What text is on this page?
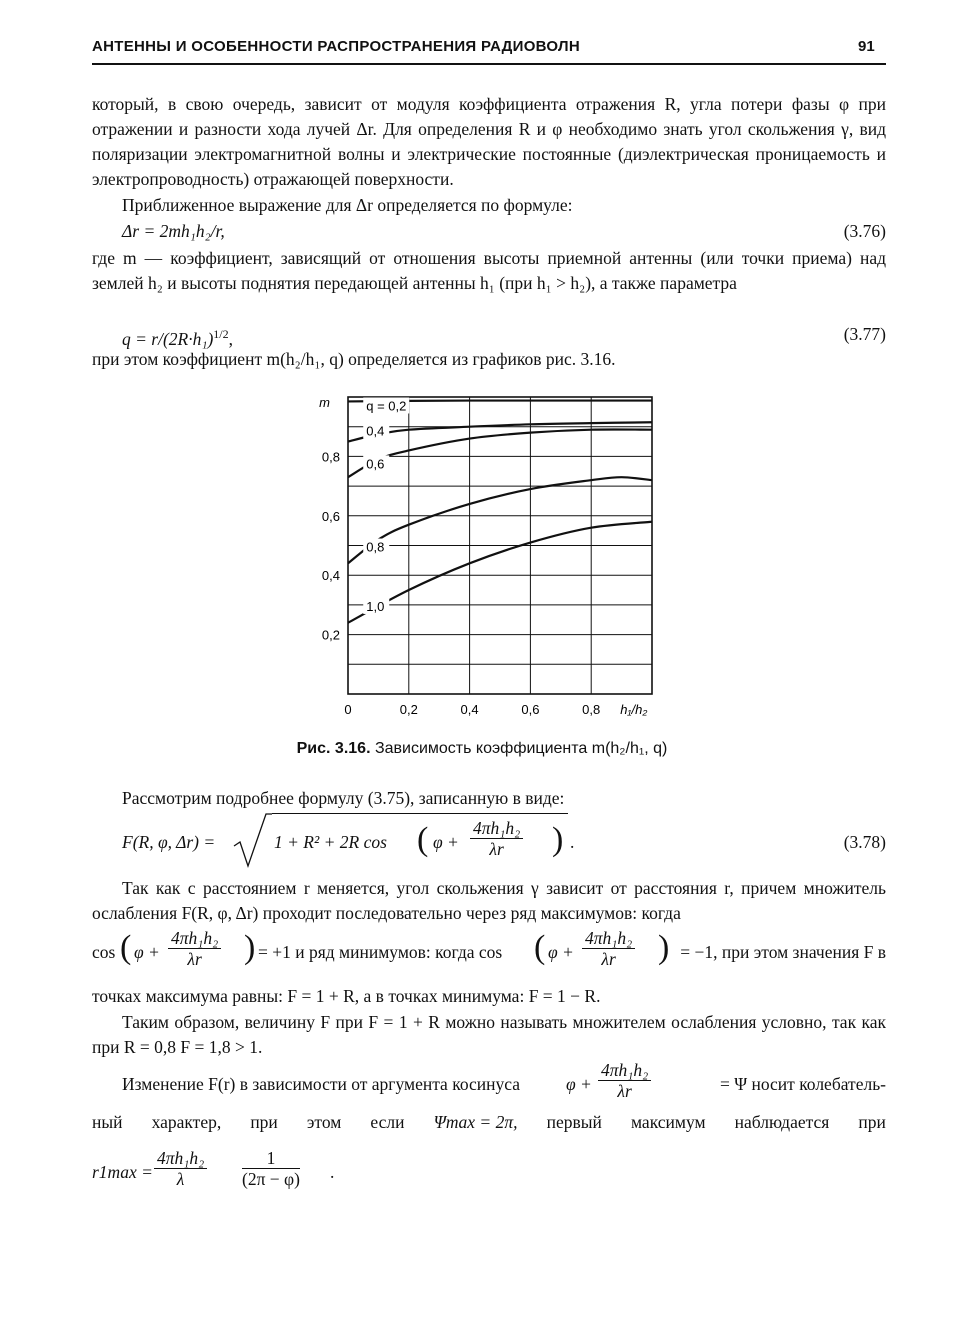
АНТЕННЫ И ОСОБЕННОСТИ РАСПРОСТРАНЕНИЯ РАДИОВОЛН	91
который, в свою очередь, зависит от модуля коэффициента отражения R, угла потери фазы φ при отражении и разности хода лучей Δr. Для определения R и φ необходимо знать угол скольжения γ, вид поляризации электромагнитной волны и электрические постоянные (диэлектрическая проницаемость и электропроводность) отражающей поверхности.
Приближенное выражение для Δr определяется по формуле:
Δr = 2mh₁h₂/r,	(3.76)
где m — коэффициент, зависящий от отношения высоты приемной антенны (или точки приема) над землей h₂ и высоты поднятия передающей антенны h₁ (при h₁ > h₂), а также параметра
$q = r/(2R\cdot h_1)^{1/2}$,	(3.77)
при этом коэффициент m(h₂/h₁, q) определяется из графиков рис. 3.16.
0	0,2	0,4	0,6	0,8 h₁/h₂
0,2
0,4
0,6
0,8
m	q = 0,2
0,4
0,6
0,8
1,0
Рис. 3.16. Зависимость коэффициента m(h₂/h₁, q)
Рассмотрим подробнее формулу (3.75), записанную в виде:
F(R, φ, Δr) =	1 + R² + 2R cos ( $\varphi + \frac{\text{4πh₁h₂}}{\lambda r}$ ) .	(3.78)
Так как с расстоянием r меняется, угол скольжения γ зависит от расстояния r, причем множитель ослабления F(R, φ, Δr) проходит последовательно через ряд максимумов: когда
cos ( $\varphi + \frac{\text{4πh₁h₂}}{\lambda r}$ ) = +1 и ряд минимумов: когда cos ( $\varphi + \frac{\text{4πh₁h₂}}{\lambda r}$ ) = −1, при этом значения F в
точках максимума равны: F = 1 + R, а в точках минимума: F = 1 − R.
Таким образом, величину F при F = 1 + R можно называть множителем ослабления условно, так как при R = 0,8 F = 1,8 > 1.
Изменение F(r) в зависимости от аргумента косинуса	$\varphi + \frac{\text{4πh₁h₂}}{\lambda r}$	= Ψ носит колебатель-
ный характер, при этом если Ψmax = 2π, первый максимум наблюдается при
$r1\max = \frac{\text{4πh₁h₂}}{\lambda} \frac{1}{(2\pi - \varphi)}$ .
